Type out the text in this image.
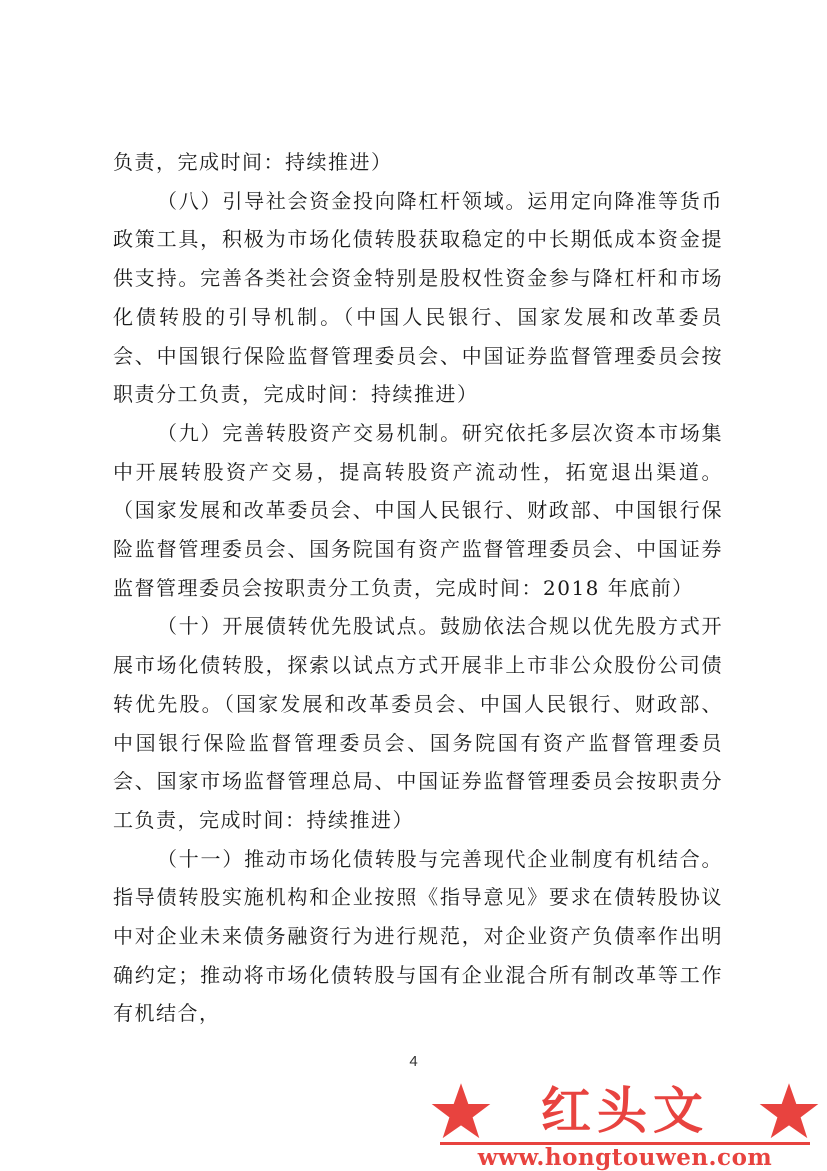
负责，完成时间：持续推进）

（八）引导社会资金投向降杠杆领域。运用定向降准等货币政策工具，积极为市场化债转股获取稳定的中长期低成本资金提供支持。完善各类社会资金特别是股权性资金参与降杠杆和市场化债转股的引导机制。（中国人民银行、国家发展和改革委员会、中国银行保险监督管理委员会、中国证券监督管理委员会按职责分工负责，完成时间：持续推进）

（九）完善转股资产交易机制。研究依托多层次资本市场集中开展转股资产交易，提高转股资产流动性，拓宽退出渠道。（国家发展和改革委员会、中国人民银行、财政部、中国银行保险监督管理委员会、国务院国有资产监督管理委员会、中国证券监督管理委员会按职责分工负责，完成时间：2018 年底前）

（十）开展债转优先股试点。鼓励依法合规以优先股方式开展市场化债转股，探索以试点方式开展非上市非公众股份公司债转优先股。（国家发展和改革委员会、中国人民银行、财政部、中国银行保险监督管理委员会、国务院国有资产监督管理委员会、国家市场监督管理总局、中国证券监督管理委员会按职责分工负责，完成时间：持续推进）

（十一）推动市场化债转股与完善现代企业制度有机结合。指导债转股实施机构和企业按照《指导意见》要求在债转股协议中对企业未来债务融资行为进行规范，对企业资产负债率作出明确约定；推动将市场化债转股与国有企业混合所有制改革等工作有机结合，

4
红头文
www.hongtouwen.com
